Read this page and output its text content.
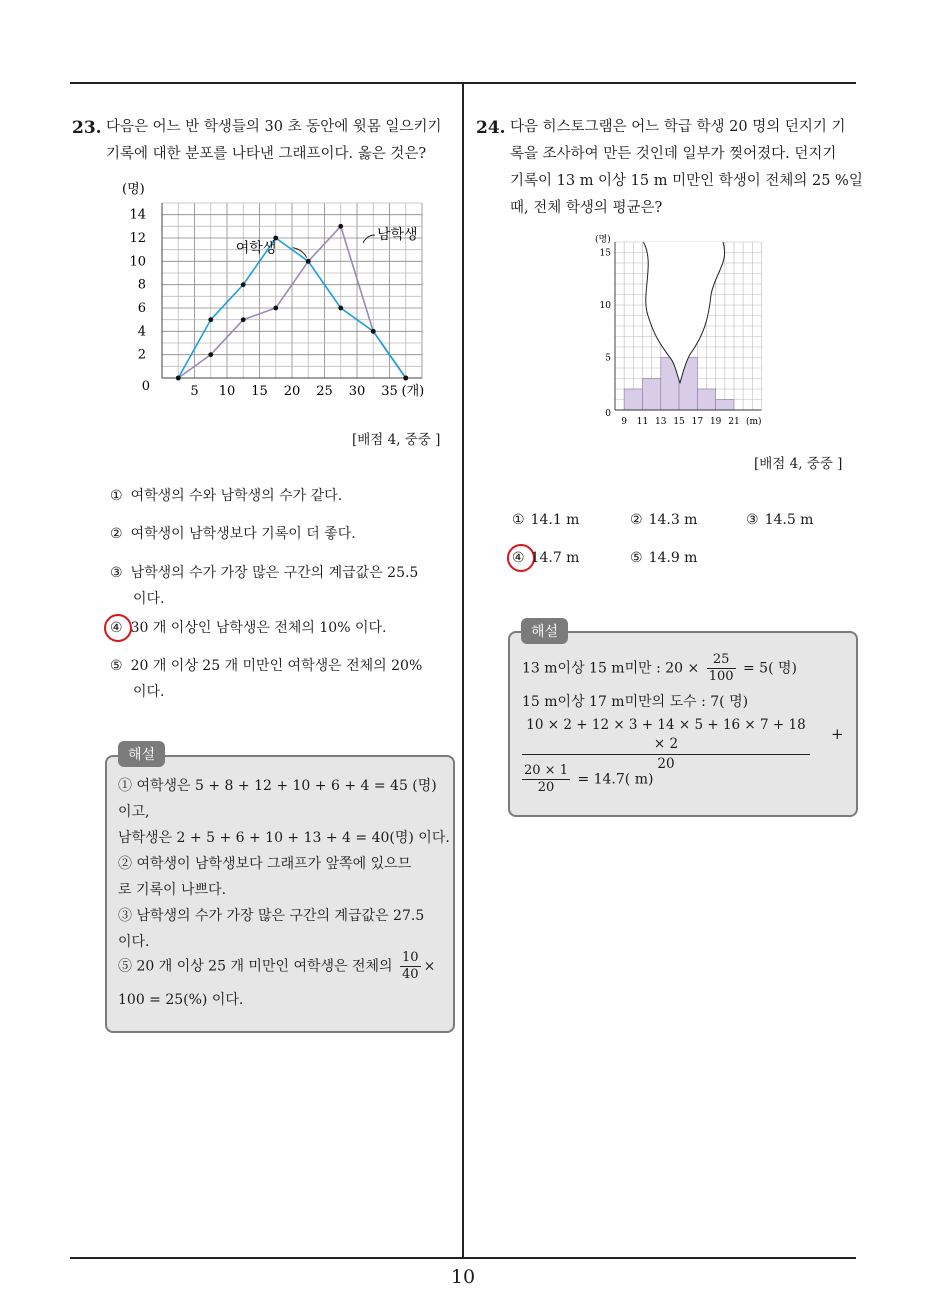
10
23. 다음은 어느 반 학생들의 30 초 동안에 윗몸 일으키기
기록에 대한 분포를 나타낸 그래프이다. 옳은 것은?
0
2
4
6
8
10
12
14
(명)
5 10 15 20 25 30 35 (개)
여학생
남학생
[배점 4, 중중 ]
① 여학생의 수와 남학생의 수가 같다.
② 여학생이 남학생보다 기록이 더 좋다.
③ 남학생의 수가 가장 많은 구간의 계급값은 25.5
이다.
④ 30 개 이상인 남학생은 전체의 10% 이다.
⑤ 20 개 이상 25 개 미만인 여학생은 전체의 20%
이다.
해설
① 여학생은 5 + 8 + 12 + 10 + 6 + 4 = 45 (명)
이고,
남학생은 2 + 5 + 6 + 10 + 13 + 4 = 40(명) 이다.
② 여학생이 남학생보다 그래프가 앞쪽에 있으므
로 기록이 나쁘다.
③ 남학생의 수가 가장 많은 구간의 계급값은 27.5
이다.
⑤ 20 개 이상 25 개 미만인 여학생은 전체의 $\frac{10}{40}$ ×
100 = 25(%) 이다.
24. 다음 히스토그램은 어느 학급 학생 20 명의 던지기 기
록을 조사하여 만든 것인데 일부가 찢어졌다. 던지기
기록이 13 m 이상 15 m 미만인 학생이 전체의 25 %일
때, 전체 학생의 평균은?
0
5
10
15
(명)
9 11 13 15 17 19 21 (m)
[배점 4, 중중 ]
① 14.1 m	② 14.3 m	③ 14.5 m
④ 14.7 m	⑤ 14.9 m
해설
13 m이상 15 m미만 : $20 \times \frac{25}{100} = 5$( 명)
15 m이상 17 m미만의 도수 : 7( 명)
$\frac{10 \times 2 + 12 \times 3 + 14 \times 5 + 16 \times 7 + 18 \times 2}{20}$ +
$\frac{20 \times 1}{20} = 14.7$( m)
